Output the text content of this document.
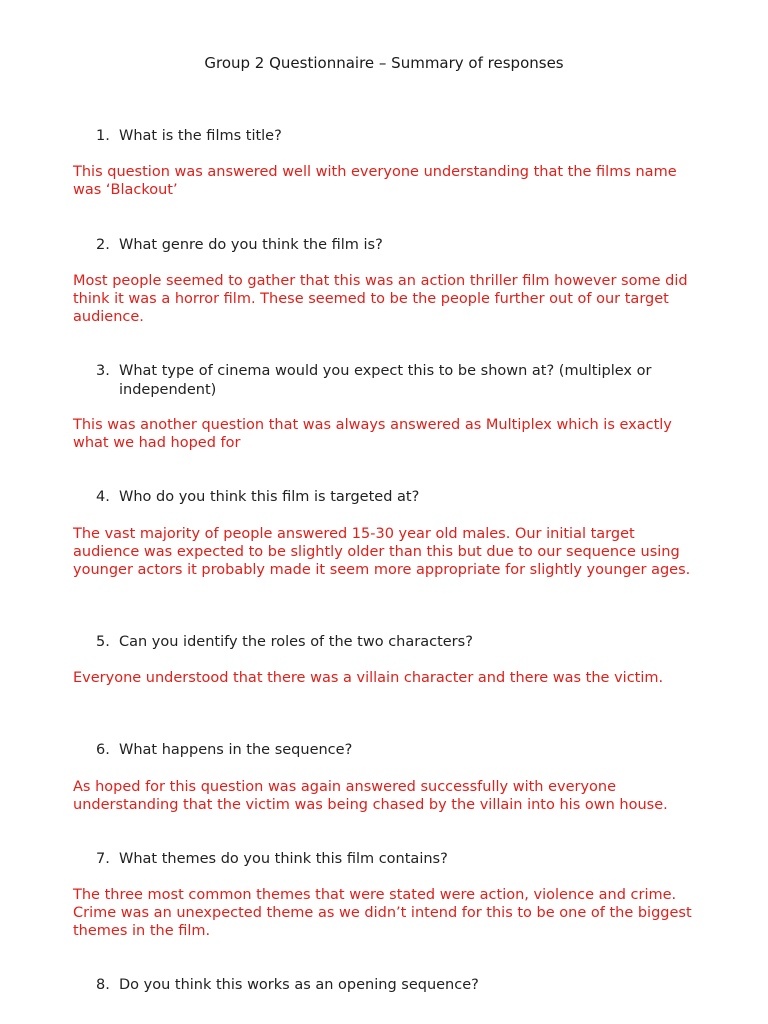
Group 2 Questionnaire – Summary of responses
1. What is the films title?
This question was answered well with everyone understanding that the films name was ‘Blackout’
2. What genre do you think the film is?
Most people seemed to gather that this was an action thriller film however some did think it was a horror film. These seemed to be the people further out of our target audience.
3. What type of cinema would you expect this to be shown at? (multiplex or independent)
This was another question that was always answered as Multiplex which is exactly what we had hoped for
4. Who do you think this film is targeted at?
The vast majority of people answered 15-30 year old males. Our initial target audience was expected to be slightly older than this but due to our sequence using younger actors it probably made it seem more appropriate for slightly younger ages.
5. Can you identify the roles of the two characters?
Everyone understood that there was a villain character and there was the victim.
6. What happens in the sequence?
As hoped for this question was again answered successfully with everyone understanding that the victim was being chased by the villain into his own house.
7. What themes do you think this film contains?
The three most common themes that were stated were action, violence and crime. Crime was an unexpected theme as we didn’t intend for this to be one of the biggest themes in the film.
8. Do you think this works as an opening sequence?
